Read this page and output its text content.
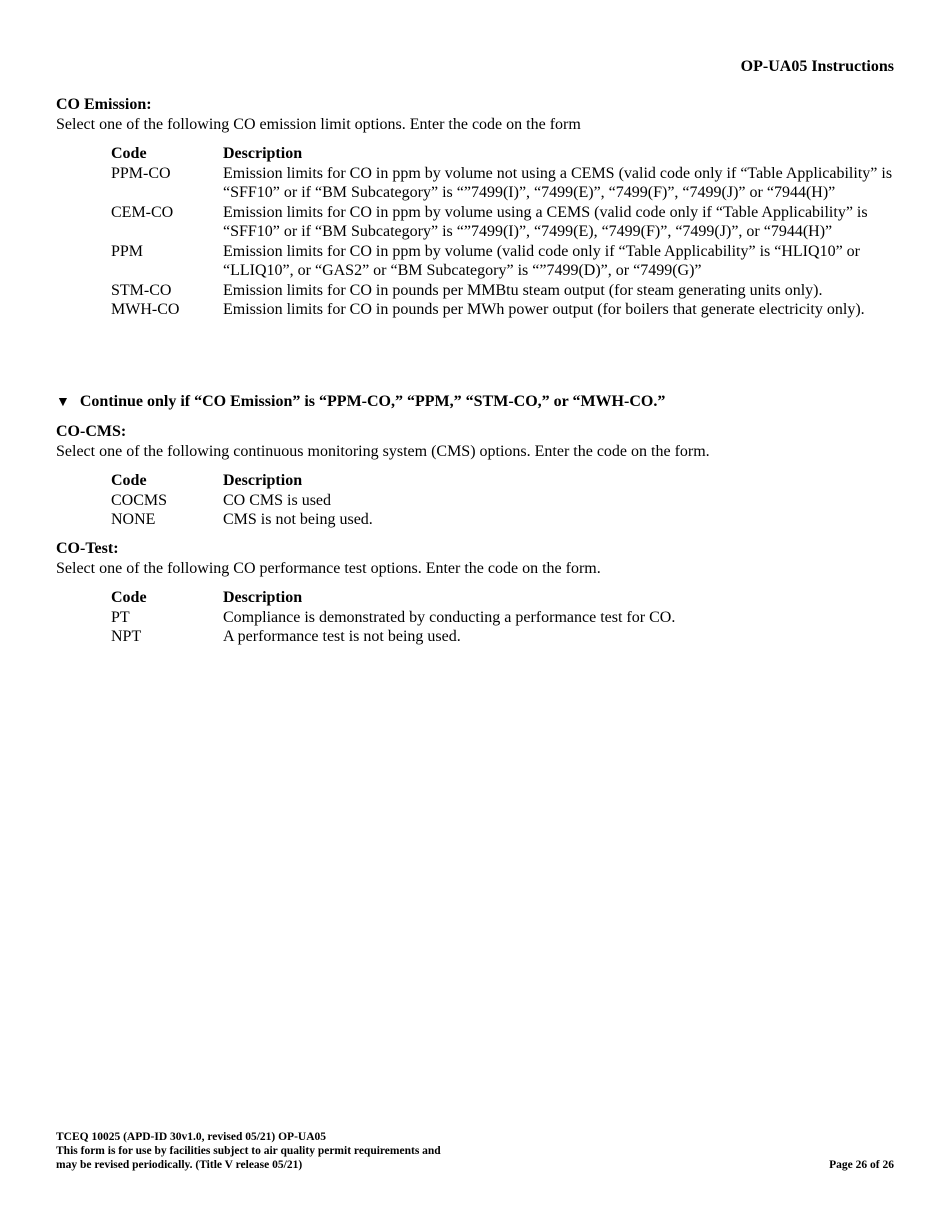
OP-UA05 Instructions

CO Emission:

Select one of the following CO emission limit options. Enter the code on the form

Code	Description
PPM-CO	Emission limits for CO in ppm by volume not using a CEMS (valid code only if “Table Applicability” is “SFF10” or if “BM Subcategory” is “”7499(I)”, “7499(E)”, “7499(F)”, “7499(J)” or “7944(H)”
CEM-CO	Emission limits for CO in ppm by volume using a CEMS (valid code only if “Table Applicability” is “SFF10” or if “BM Subcategory” is “”7499(I)”, “7499(E), “7499(F)”, “7499(J)”, or “7944(H)”
PPM	Emission limits for CO in ppm by volume (valid code only if “Table Applicability” is “HLIQ10” or “LLIQ10”, or “GAS2” or “BM Subcategory” is “”7499(D)”, or “7499(G)”
STM-CO	Emission limits for CO in pounds per MMBtu steam output (for steam generating units only).
MWH-CO	Emission limits for CO in pounds per MWh power output (for boilers that generate electricity only).
▼ Continue only if “CO Emission” is “PPM-CO,” “PPM,” “STM-CO,” or “MWH-CO.”

CO-CMS:

Select one of the following continuous monitoring system (CMS) options. Enter the code on the form.

Code	Description
COCMS	CO CMS is used
NONE	CMS is not being used.

CO-Test:

Select one of the following CO performance test options. Enter the code on the form.

Code	Description
PT	Compliance is demonstrated by conducting a performance test for CO.
NPT	A performance test is not being used.
TCEQ 10025 (APD-ID 30v1.0, revised 05/21) OP-UA05
This form is for use by facilities subject to air quality permit requirements and
may be revised periodically. (Title V release 05/21)	Page 26 of 26
